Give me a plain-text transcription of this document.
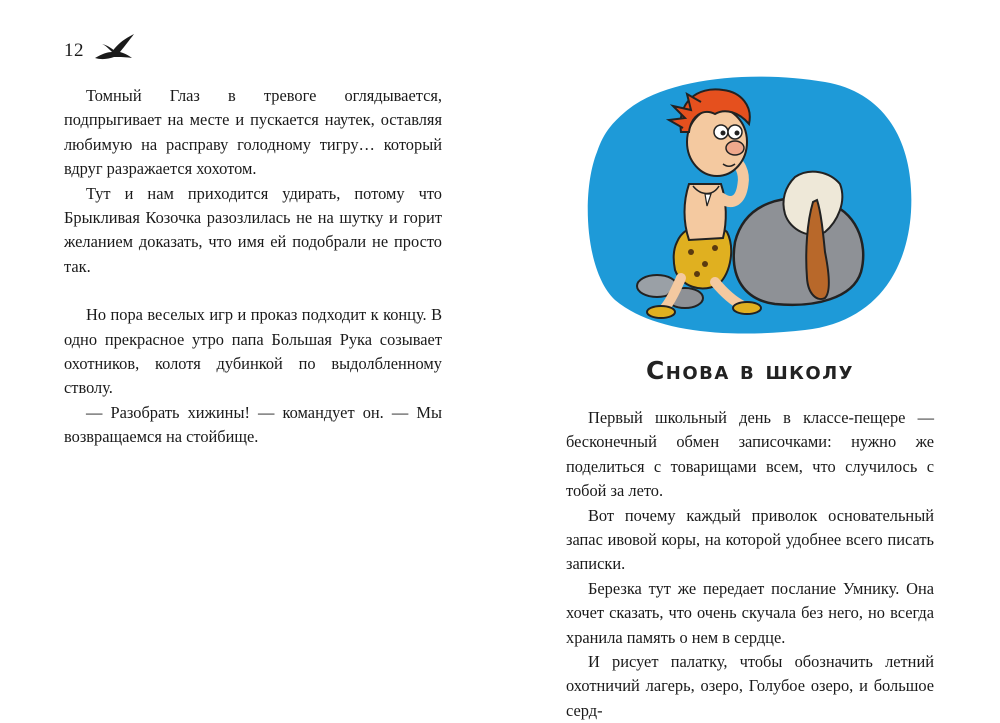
12

Томный Глаз в тревоге оглядывается, подпрыгивает на месте и пускается наутек, оставляя любимую на расправу голодному тигру… который вдруг разражается хохотом.

Тут и нам приходится удирать, потому что Брыкливая Козочка разозлилась не на шутку и горит желанием доказать, что имя ей подобрали не просто так.

Но пора веселых игр и проказ подходит к концу. В одно прекрасное утро папа Большая Рука созывает охотников, колотя дубинкой по выдолбленному стволу.

— Разобрать хижины! — командует он. — Мы возвращаемся на стойбище.

Снова в школу

Первый школьный день в классе-пещере — бесконечный обмен записочками: нужно же поделиться с товарищами всем, что случилось с тобой за лето.

Вот почему каждый приволок основательный запас ивовой коры, на которой удобнее всего писать записки.

Березка тут же передает послание Умнику. Она хочет сказать, что очень скучала без него, но всегда хранила память о нем в сердце.

И рисует палатку, чтобы обозначить летний охотничий лагерь, озеро, Голубое озеро, и большое серд-
